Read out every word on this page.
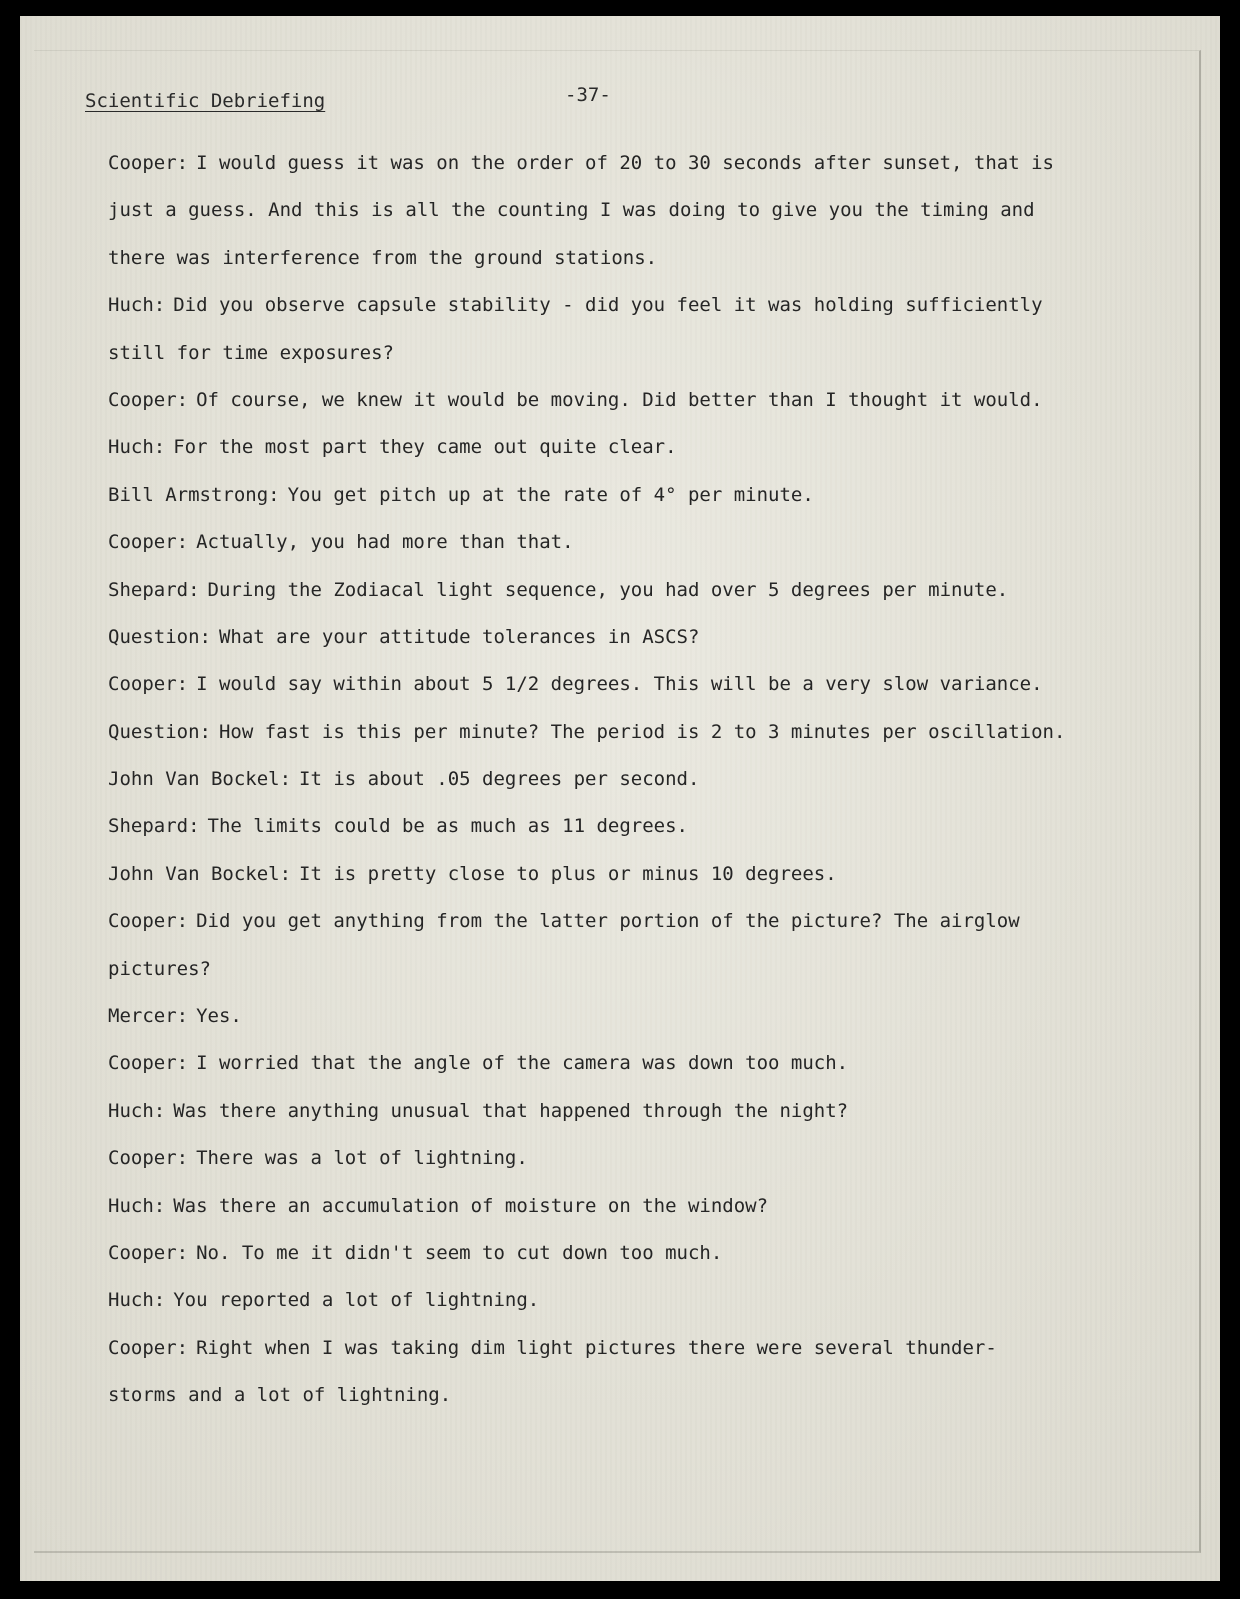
Scientific Debriefing	-37-
Cooper: I would guess it was on the order of 20 to 30 seconds after sunset, that is
just a guess. And this is all the counting I was doing to give you the timing and
there was interference from the ground stations.
Huch: Did you observe capsule stability - did you feel it was holding sufficiently
still for time exposures?
Cooper: Of course, we knew it would be moving. Did better than I thought it would.
Huch: For the most part they came out quite clear.
Bill Armstrong: You get pitch up at the rate of 4° per minute.
Cooper: Actually, you had more than that.
Shepard: During the Zodiacal light sequence, you had over 5 degrees per minute.
Question: What are your attitude tolerances in ASCS?
Cooper: I would say within about 5 1/2 degrees. This will be a very slow variance.
Question: How fast is this per minute? The period is 2 to 3 minutes per oscillation.
John Van Bockel: It is about .05 degrees per second.
Shepard: The limits could be as much as 11 degrees.
John Van Bockel: It is pretty close to plus or minus 10 degrees.
Cooper: Did you get anything from the latter portion of the picture? The airglow
pictures?
Mercer: Yes.
Cooper: I worried that the angle of the camera was down too much.
Huch: Was there anything unusual that happened through the night?
Cooper: There was a lot of lightning.
Huch: Was there an accumulation of moisture on the window?
Cooper: No. To me it didn't seem to cut down too much.
Huch: You reported a lot of lightning.
Cooper: Right when I was taking dim light pictures there were several thunder-
storms and a lot of lightning.
